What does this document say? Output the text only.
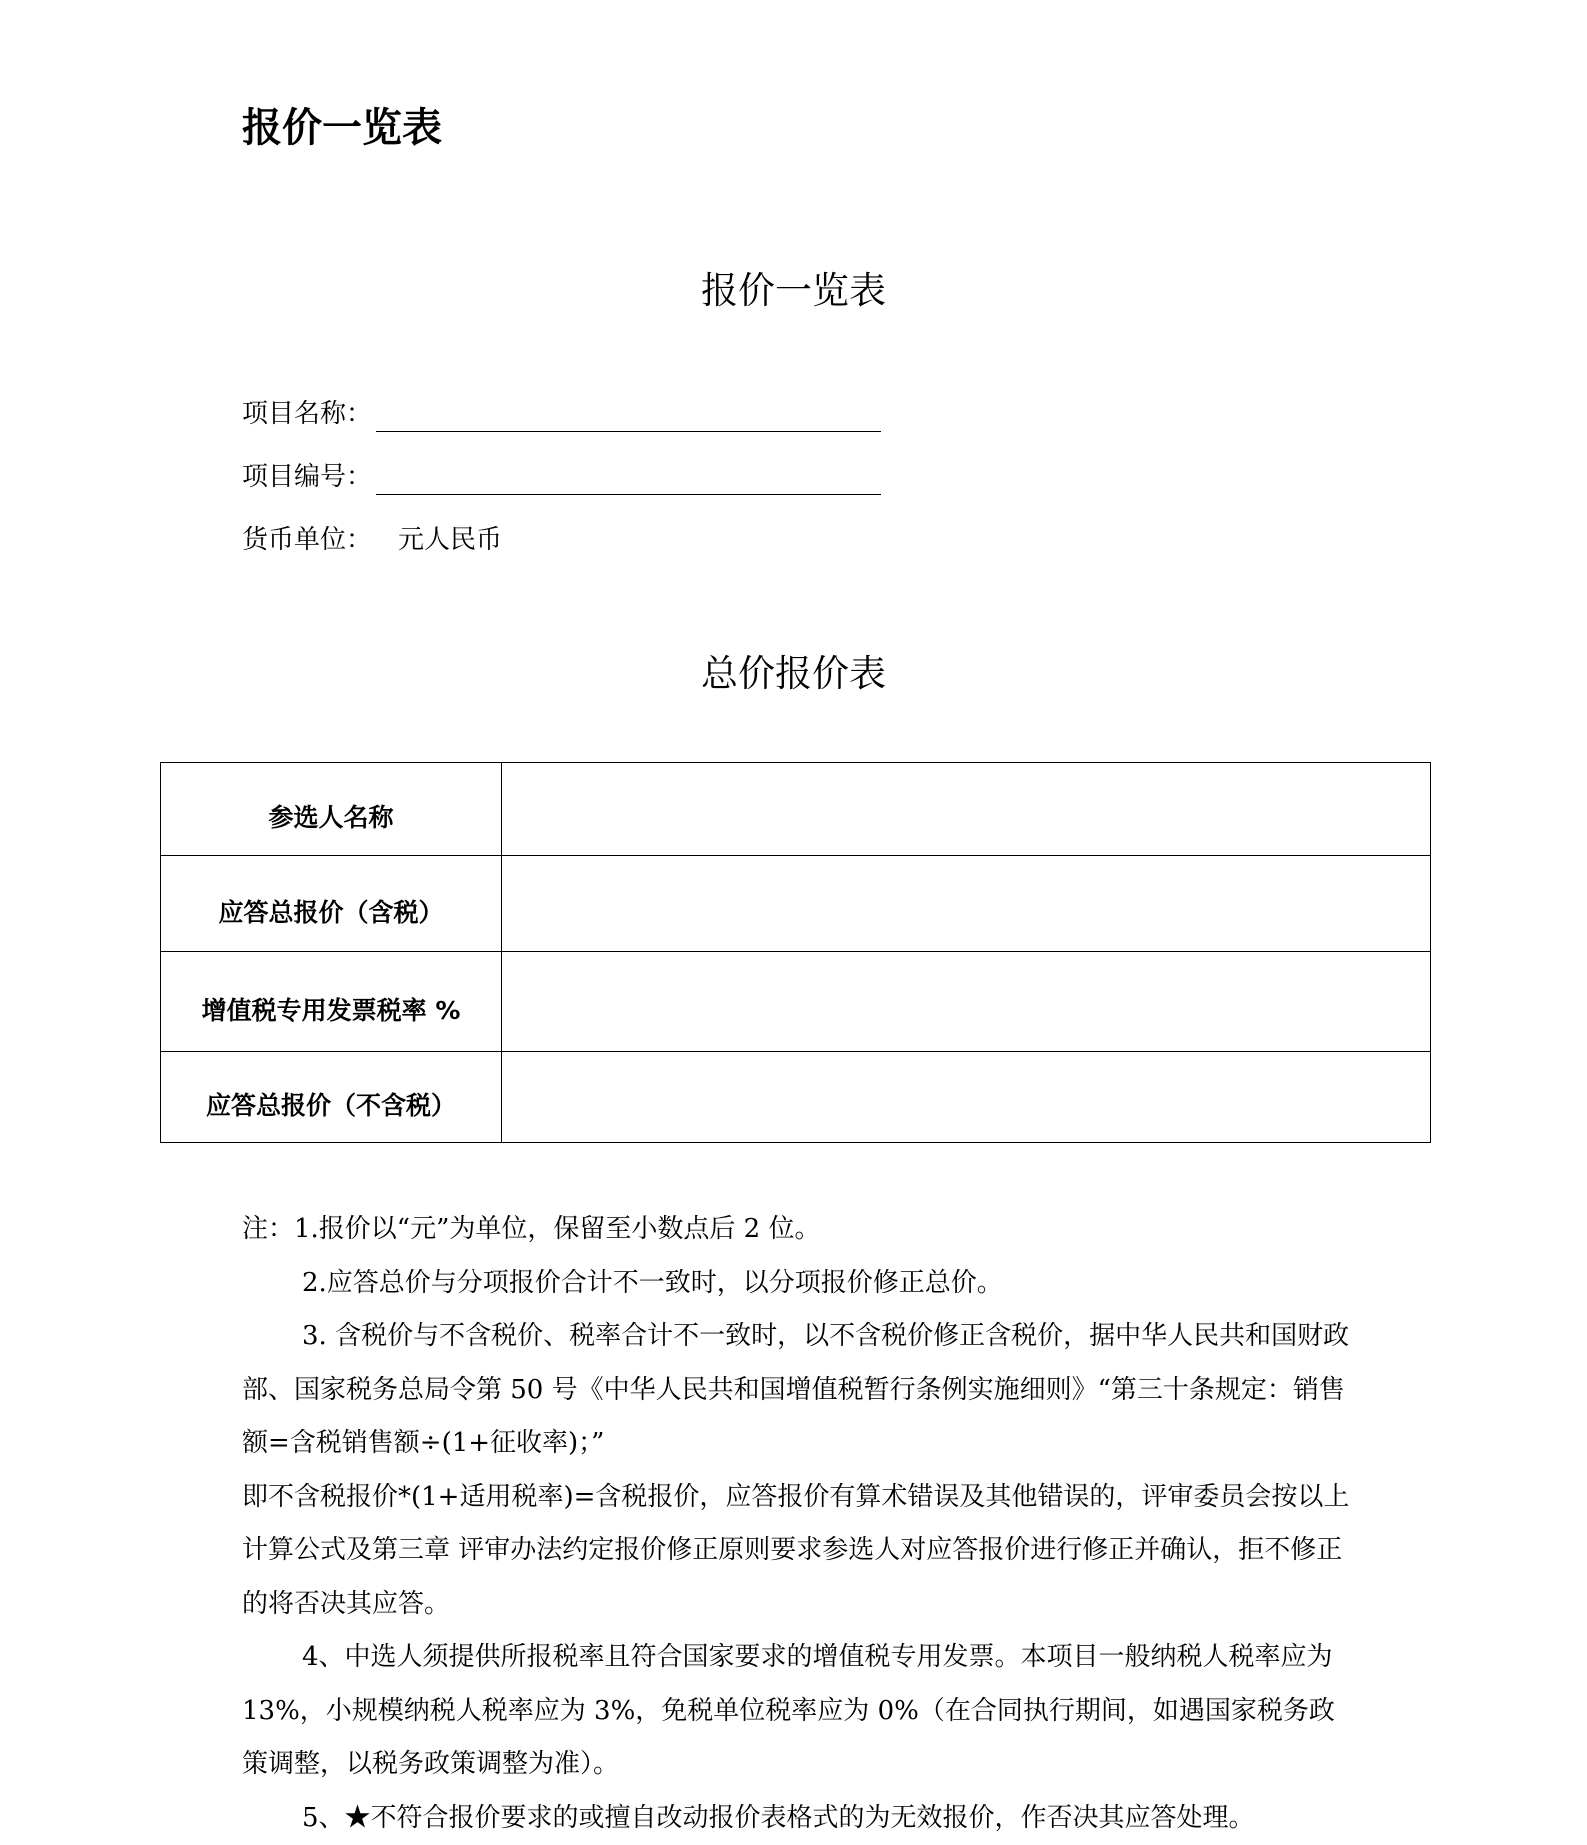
报价一览表
报价一览表
项目名称：
项目编号：
货币单位： 元人民币
总价报价表
参选人名称	
应答总报价（含税）	
增值税专用发票税率 %	
应答总报价（不含税）	

注：1.报价以“元”为单位，保留至小数点后 2 位。

2.应答总价与分项报价合计不一致时，以分项报价修正总价。

3. 含税价与不含税价、税率合计不一致时，以不含税价修正含税价，据中华人民共和国财政部、国家税务总局令第 50 号《中华人民共和国增值税暂行条例实施细则》“第三十条规定：销售额=含税销售额÷(1+征收率)；”

即不含税报价*(1+适用税率)=含税报价，应答报价有算术错误及其他错误的，评审委员会按以上计算公式及第三章 评审办法约定报价修正原则要求参选人对应答报价进行修正并确认，拒不修正的将否决其应答。

4、中选人须提供所报税率且符合国家要求的增值税专用发票。本项目一般纳税人税率应为 13%，小规模纳税人税率应为 3%，免税单位税率应为 0%（在合同执行期间，如遇国家税务政策调整，以税务政策调整为准）。

5、★不符合报价要求的或擅自改动报价表格式的为无效报价，作否决其应答处理。
